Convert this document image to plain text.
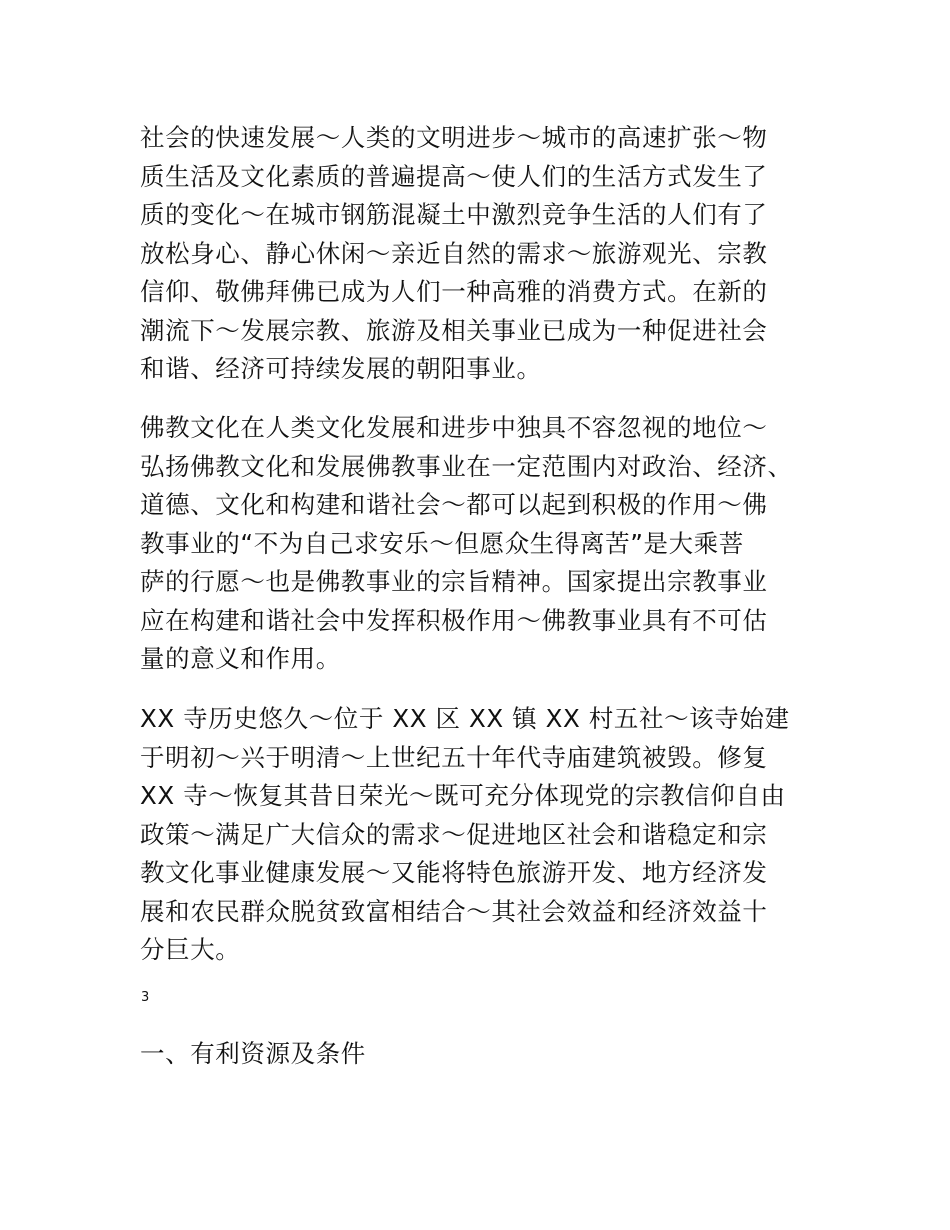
社会的快速发展～人类的文明进步～城市的高速扩张～物
质生活及文化素质的普遍提高～使人们的生活方式发生了
质的变化～在城市钢筋混凝土中激烈竞争生活的人们有了
放松身心、静心休闲～亲近自然的需求～旅游观光、宗教
信仰、敬佛拜佛已成为人们一种高雅的消费方式。在新的
潮流下～发展宗教、旅游及相关事业已成为一种促进社会
和谐、经济可持续发展的朝阳事业。

佛教文化在人类文化发展和进步中独具不容忽视的地位～
弘扬佛教文化和发展佛教事业在一定范围内对政治、经济、
道德、文化和构建和谐社会～都可以起到积极的作用～佛
教事业的“不为自己求安乐～但愿众生得离苦”是大乘菩
萨的行愿～也是佛教事业的宗旨精神。国家提出宗教事业
应在构建和谐社会中发挥积极作用～佛教事业具有不可估
量的意义和作用。

XX 寺历史悠久～位于 XX 区 XX 镇 XX 村五社～该寺始建
于明初～兴于明清～上世纪五十年代寺庙建筑被毁。修复
XX 寺～恢复其昔日荣光～既可充分体现党的宗教信仰自由
政策～满足广大信众的需求～促进地区社会和谐稳定和宗
教文化事业健康发展～又能将特色旅游开发、地方经济发
展和农民群众脱贫致富相结合～其社会效益和经济效益十
分巨大。

3

一、有利资源及条件
